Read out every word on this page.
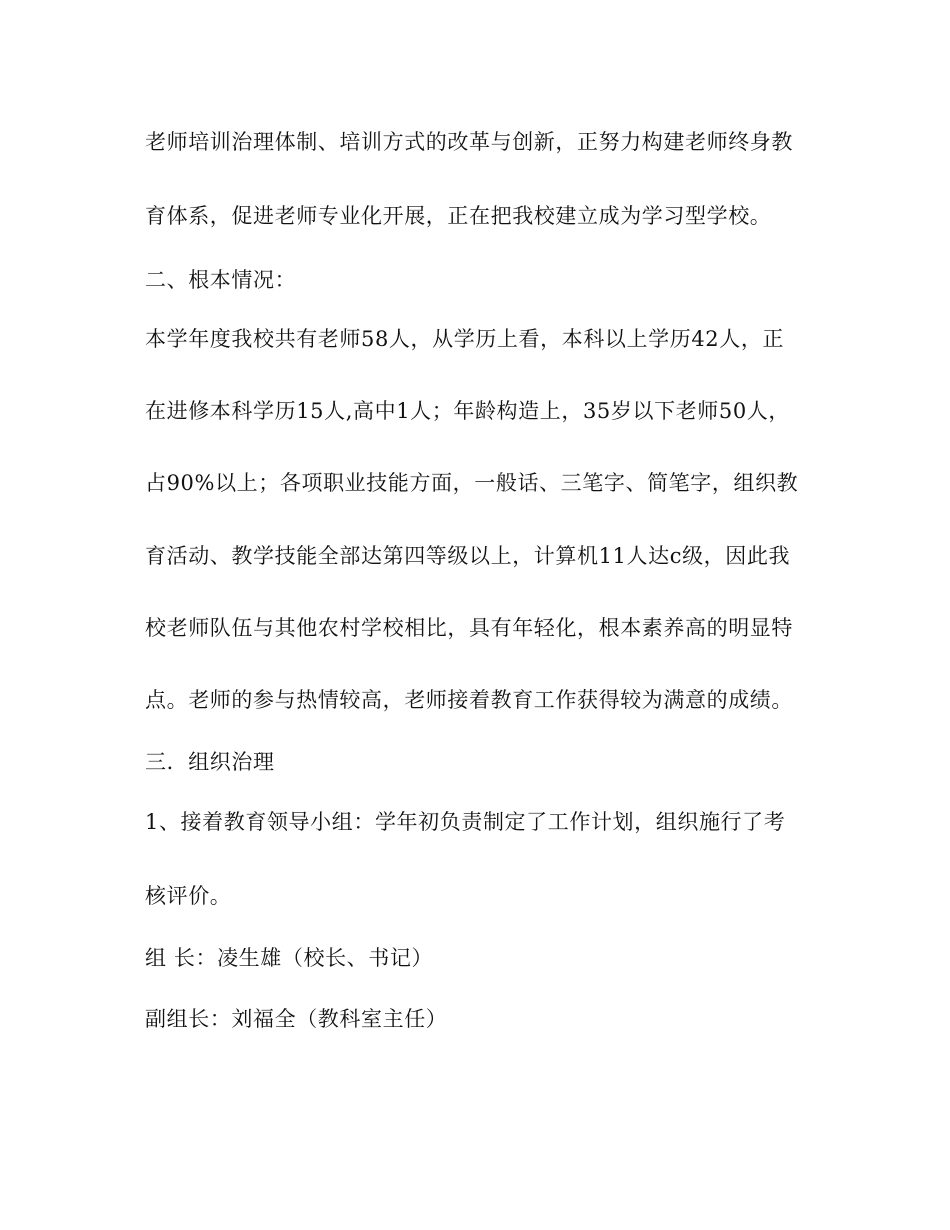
老师培训治理体制、培训方式的改革与创新，正努力构建老师终身教
育体系，促进老师专业化开展，正在把我校建立成为学习型学校。
二、根本情况：
本学年度我校共有老师58人，从学历上看，本科以上学历42人，正
在进修本科学历15人,高中1人；年龄构造上，35岁以下老师50人，
占90%以上；各项职业技能方面，一般话、三笔字、简笔字，组织教
育活动、教学技能全部达第四等级以上，计算机11人达c级，因此我
校老师队伍与其他农村学校相比，具有年轻化，根本素养高的明显特
点。老师的参与热情较高，老师接着教育工作获得较为满意的成绩。
三．组织治理
1、接着教育领导小组：学年初负责制定了工作计划，组织施行了考
核评价。
组 长：凌生雄（校长、书记）
副组长：刘福全（教科室主任）
